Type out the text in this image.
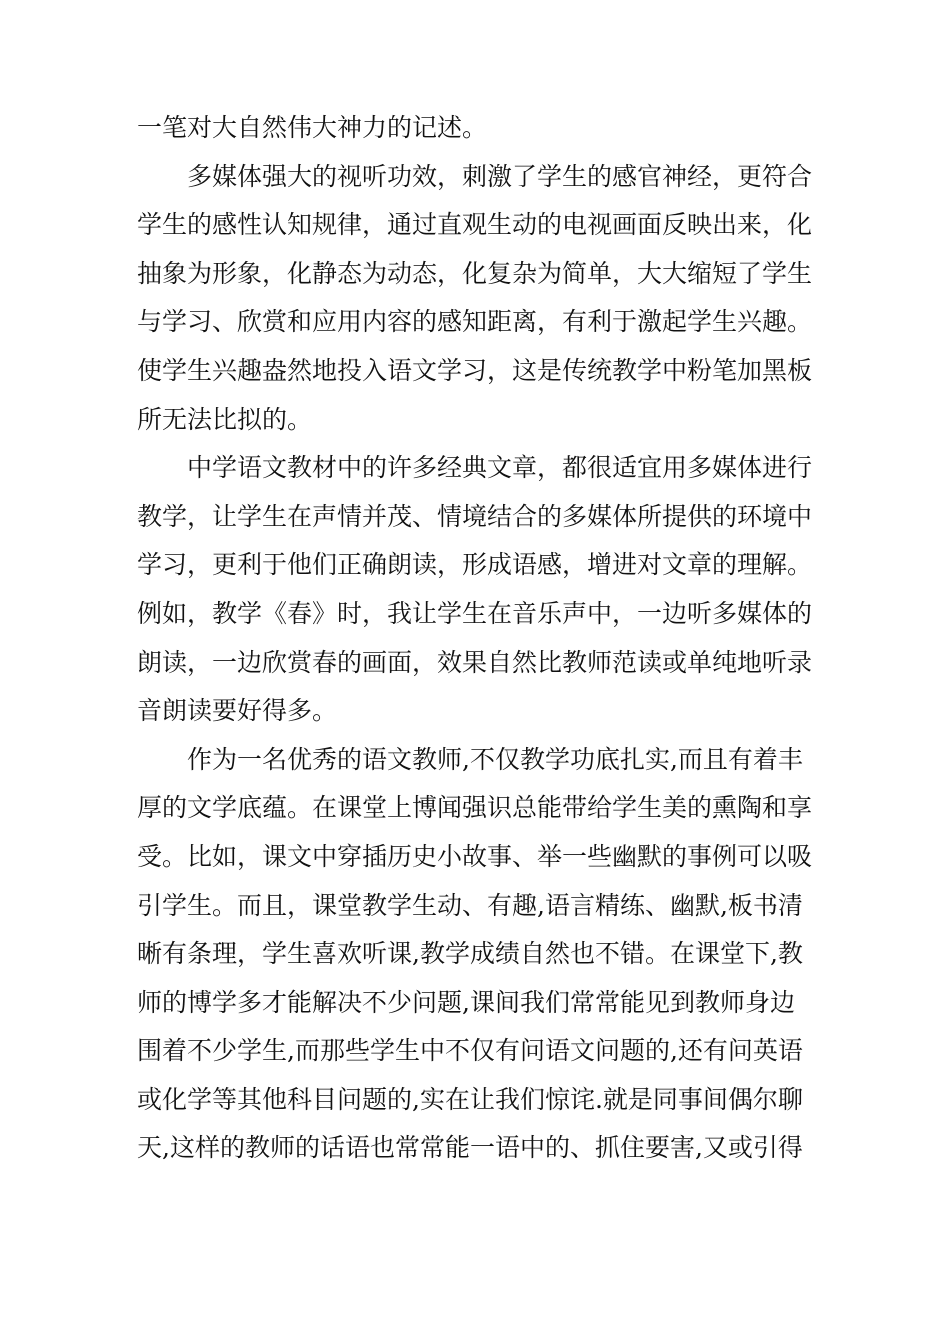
一笔对大自然伟大神力的记述。
多媒体强大的视听功效，刺激了学生的感官神经，更符合
学生的感性认知规律，通过直观生动的电视画面反映出来，化
抽象为形象，化静态为动态，化复杂为简单，大大缩短了学生
与学习、欣赏和应用内容的感知距离，有利于激起学生兴趣。
使学生兴趣盎然地投入语文学习，这是传统教学中粉笔加黑板
所无法比拟的。
中学语文教材中的许多经典文章，都很适宜用多媒体进行
教学，让学生在声情并茂、情境结合的多媒体所提供的环境中
学习，更利于他们正确朗读，形成语感，增进对文章的理解。
例如，教学《春》时，我让学生在音乐声中，一边听多媒体的
朗读，一边欣赏春的画面，效果自然比教师范读或单纯地听录
音朗读要好得多。
作为一名优秀的语文教师,不仅教学功底扎实,而且有着丰
厚的文学底蕴。在课堂上博闻强识总能带给学生美的熏陶和享
受。比如，课文中穿插历史小故事、举一些幽默的事例可以吸
引学生。而且，课堂教学生动、有趣,语言精练、幽默,板书清
晰有条理，学生喜欢听课,教学成绩自然也不错。在课堂下,教
师的博学多才能解决不少问题,课间我们常常能见到教师身边
围着不少学生,而那些学生中不仅有问语文问题的,还有问英语
或化学等其他科目问题的,实在让我们惊诧.就是同事间偶尔聊
天,这样的教师的话语也常常能一语中的、抓住要害,又或引得
